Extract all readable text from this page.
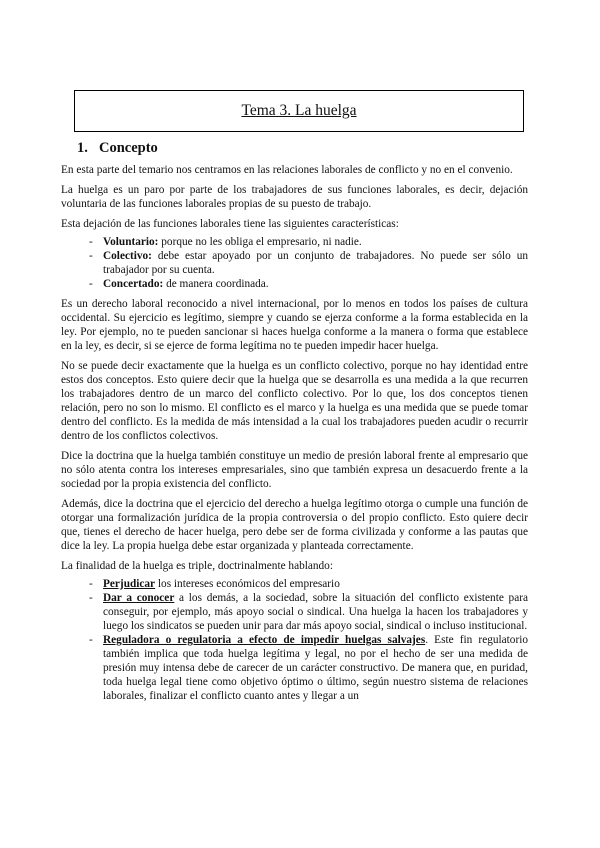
Tema 3. La huelga
1. Concepto

En esta parte del temario nos centramos en las relaciones laborales de conflicto y no en el convenio.

La huelga es un paro por parte de los trabajadores de sus funciones laborales, es decir, dejación voluntaria de las funciones laborales propias de su puesto de trabajo.

Esta dejación de las funciones laborales tiene las siguientes características:

- Voluntario: porque no les obliga el empresario, ni nadie.
- Colectivo: debe estar apoyado por un conjunto de trabajadores. No puede ser sólo un trabajador por su cuenta.
- Concertado: de manera coordinada.

Es un derecho laboral reconocido a nivel internacional, por lo menos en todos los países de cultura occidental. Su ejercicio es legítimo, siempre y cuando se ejerza conforme a la forma establecida en la ley. Por ejemplo, no te pueden sancionar si haces huelga conforme a la manera o forma que establece en la ley, es decir, si se ejerce de forma legítima no te pueden impedir hacer huelga.

No se puede decir exactamente que la huelga es un conflicto colectivo, porque no hay identidad entre estos dos conceptos. Esto quiere decir que la huelga que se desarrolla es una medida a la que recurren los trabajadores dentro de un marco del conflicto colectivo. Por lo que, los dos conceptos tienen relación, pero no son lo mismo. El conflicto es el marco y la huelga es una medida que se puede tomar dentro del conflicto. Es la medida de más intensidad a la cual los trabajadores pueden acudir o recurrir dentro de los conflictos colectivos.

Dice la doctrina que la huelga también constituye un medio de presión laboral frente al empresario que no sólo atenta contra los intereses empresariales, sino que también expresa un desacuerdo frente a la sociedad por la propia existencia del conflicto.

Además, dice la doctrina que el ejercicio del derecho a huelga legítimo otorga o cumple una función de otorgar una formalización jurídica de la propia controversia o del propio conflicto. Esto quiere decir que, tienes el derecho de hacer huelga, pero debe ser de forma civilizada y conforme a las pautas que dice la ley. La propia huelga debe estar organizada y planteada correctamente.

La finalidad de la huelga es triple, doctrinalmente hablando:

- Perjudicar los intereses económicos del empresario
- Dar a conocer a los demás, a la sociedad, sobre la situación del conflicto existente para conseguir, por ejemplo, más apoyo social o sindical. Una huelga la hacen los trabajadores y luego los sindicatos se pueden unir para dar más apoyo social, sindical o incluso institucional.
- Reguladora o regulatoria a efecto de impedir huelgas salvajes. Este fin regulatorio también implica que toda huelga legítima y legal, no por el hecho de ser una medida de presión muy intensa debe de carecer de un carácter constructivo. De manera que, en puridad, toda huelga legal tiene como objetivo óptimo o último, según nuestro sistema de relaciones laborales, finalizar el conflicto cuanto antes y llegar a un
